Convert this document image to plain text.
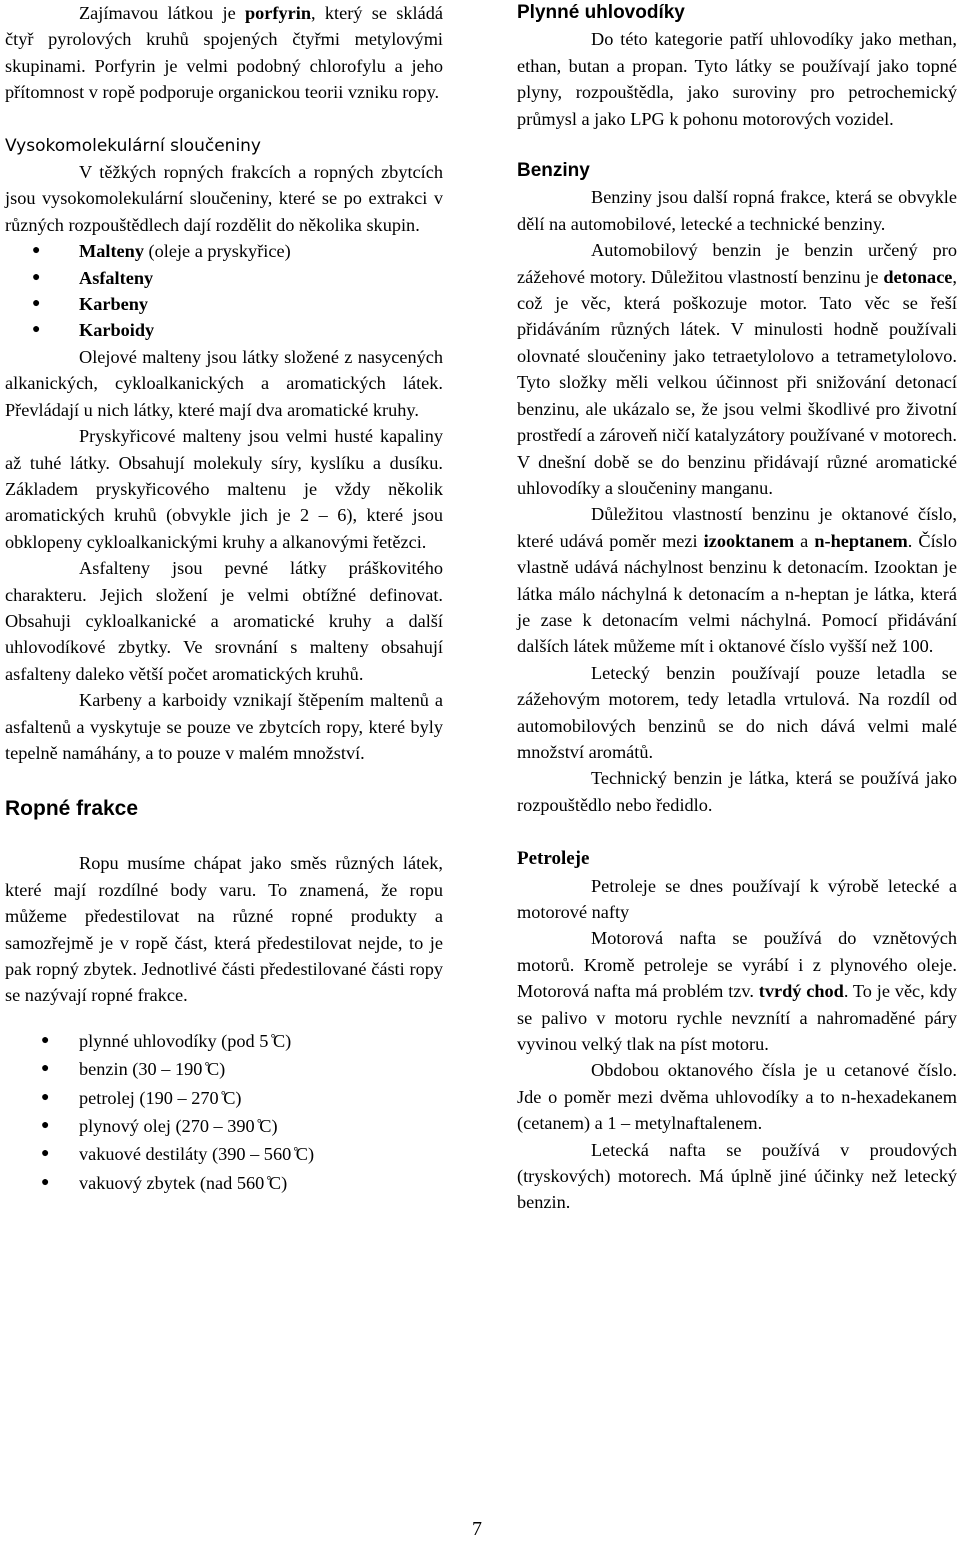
Zajímavou látkou je porfyrin, který se skládá čtyř pyrolových kruhů spojených čtyřmi metylovými skupinami. Porfyrin je velmi podobný chlorofylu a jeho přítomnost v ropě podporuje organickou teorii vzniku ropy.

Vysokomolekulární sloučeniny

V těžkých ropných frakcích a ropných zbytcích jsou vysokomolekulární sloučeniny, které se po extrakci v různých rozpouštědlech dají rozdělit do několika skupin.

● Malteny (oleje a pryskyřice)
● Asfalteny
● Karbeny
● Karboidy

Olejové malteny jsou látky složené z nasycených alkanických, cykloalkanických a aromatických látek. Převládají u nich látky, které mají dva aromatické kruhy.

Pryskyřicové malteny jsou velmi husté kapaliny až tuhé látky. Obsahují molekuly síry, kyslíku a dusíku. Základem pryskyřicového maltenu je vždy několik aromatických kruhů (obvykle jich je 2 – 6), které jsou obklopeny cykloalkanickými kruhy a alkanovými řetězci.

Asfalteny jsou pevné látky práškovitého charakteru. Jejich složení je velmi obtížné definovat. Obsahuji cykloalkanické a aromatické kruhy a další uhlovodíkové zbytky. Ve srovnání s malteny obsahují asfalteny daleko větší počet aromatických kruhů.

Karbeny a karboidy vznikají štěpením maltenů a asfaltenů a vyskytuje se pouze ve zbytcích ropy, které byly tepelně namáhány, a to pouze v malém množství.

Ropné frakce

Ropu musíme chápat jako směs různých látek, které mají rozdílné body varu. To znamená, že ropu můžeme předestilovat na různé ropné produkty a samozřejmě je v ropě část, která předestilovat nejde, to je pak ropný zbytek. Jednotlivé části předestilované části ropy se nazývají ropné frakce.

● plynné uhlovodíky (pod 5 ̊C)
● benzin (30 – 190 ̊C)
● petrolej (190 – 270 ̊C)
● plynový olej (270 – 390 ̊C)
● vakuové destiláty (390 – 560 ̊C)
● vakuový zbytek (nad 560 ̊C)
Plynné uhlovodíky

Do této kategorie patří uhlovodíky jako methan, ethan, butan a propan. Tyto látky se používají jako topné plyny, rozpouštědla, jako suroviny pro petrochemický průmysl a jako LPG k pohonu motorových vozidel.

Benziny

Benziny jsou další ropná frakce, která se obvykle dělí na automobilové, letecké a technické benziny.

Automobilový benzin je benzin určený pro zážehové motory. Důležitou vlastností benzinu je detonace, což je věc, která poškozuje motor. Tato věc se řeší přidáváním různých látek. V minulosti hodně používali olovnaté sloučeniny jako tetraetylolovo a tetrametylolovo. Tyto složky měli velkou účinnost při snižování detonací benzinu, ale ukázalo se, že jsou velmi škodlivé pro životní prostředí a zároveň ničí katalyzátory používané v motorech. V dnešní době se do benzinu přidávají různé aromatické uhlovodíky a sloučeniny manganu.

Důležitou vlastností benzinu je oktanové číslo, které udává poměr mezi izooktanem a n-heptanem. Číslo vlastně udává náchylnost benzinu k detonacím. Izooktan je látka málo náchylná k detonacím a n-heptan je látka, která je zase k detonacím velmi náchylná. Pomocí přidávání dalších látek můžeme mít i oktanové číslo vyšší než 100.

Letecký benzin používají pouze letadla se zážehovým motorem, tedy letadla vrtulová. Na rozdíl od automobilových benzinů se do nich dává velmi malé množství aromátů.

Technický benzin je látka, která se používá jako rozpouštědlo nebo ředidlo.

Petroleje

Petroleje se dnes používají k výrobě letecké a motorové nafty

Motorová nafta se používá do vznětových motorů. Kromě petroleje se vyrábí i z plynového oleje. Motorová nafta má problém tzv. tvrdý chod. To je věc, kdy se palivo v motoru rychle nevznítí a nahromaděné páry vyvinou velký tlak na píst motoru.

Obdobou oktanového čísla je u cetanové číslo. Jde o poměr mezi dvěma uhlovodíky a to n-hexadekanem (cetanem) a 1 – metylnaftalenem.

Letecká nafta se používá v proudových (tryskových) motorech. Má úplně jiné účinky než letecký benzin.

7
